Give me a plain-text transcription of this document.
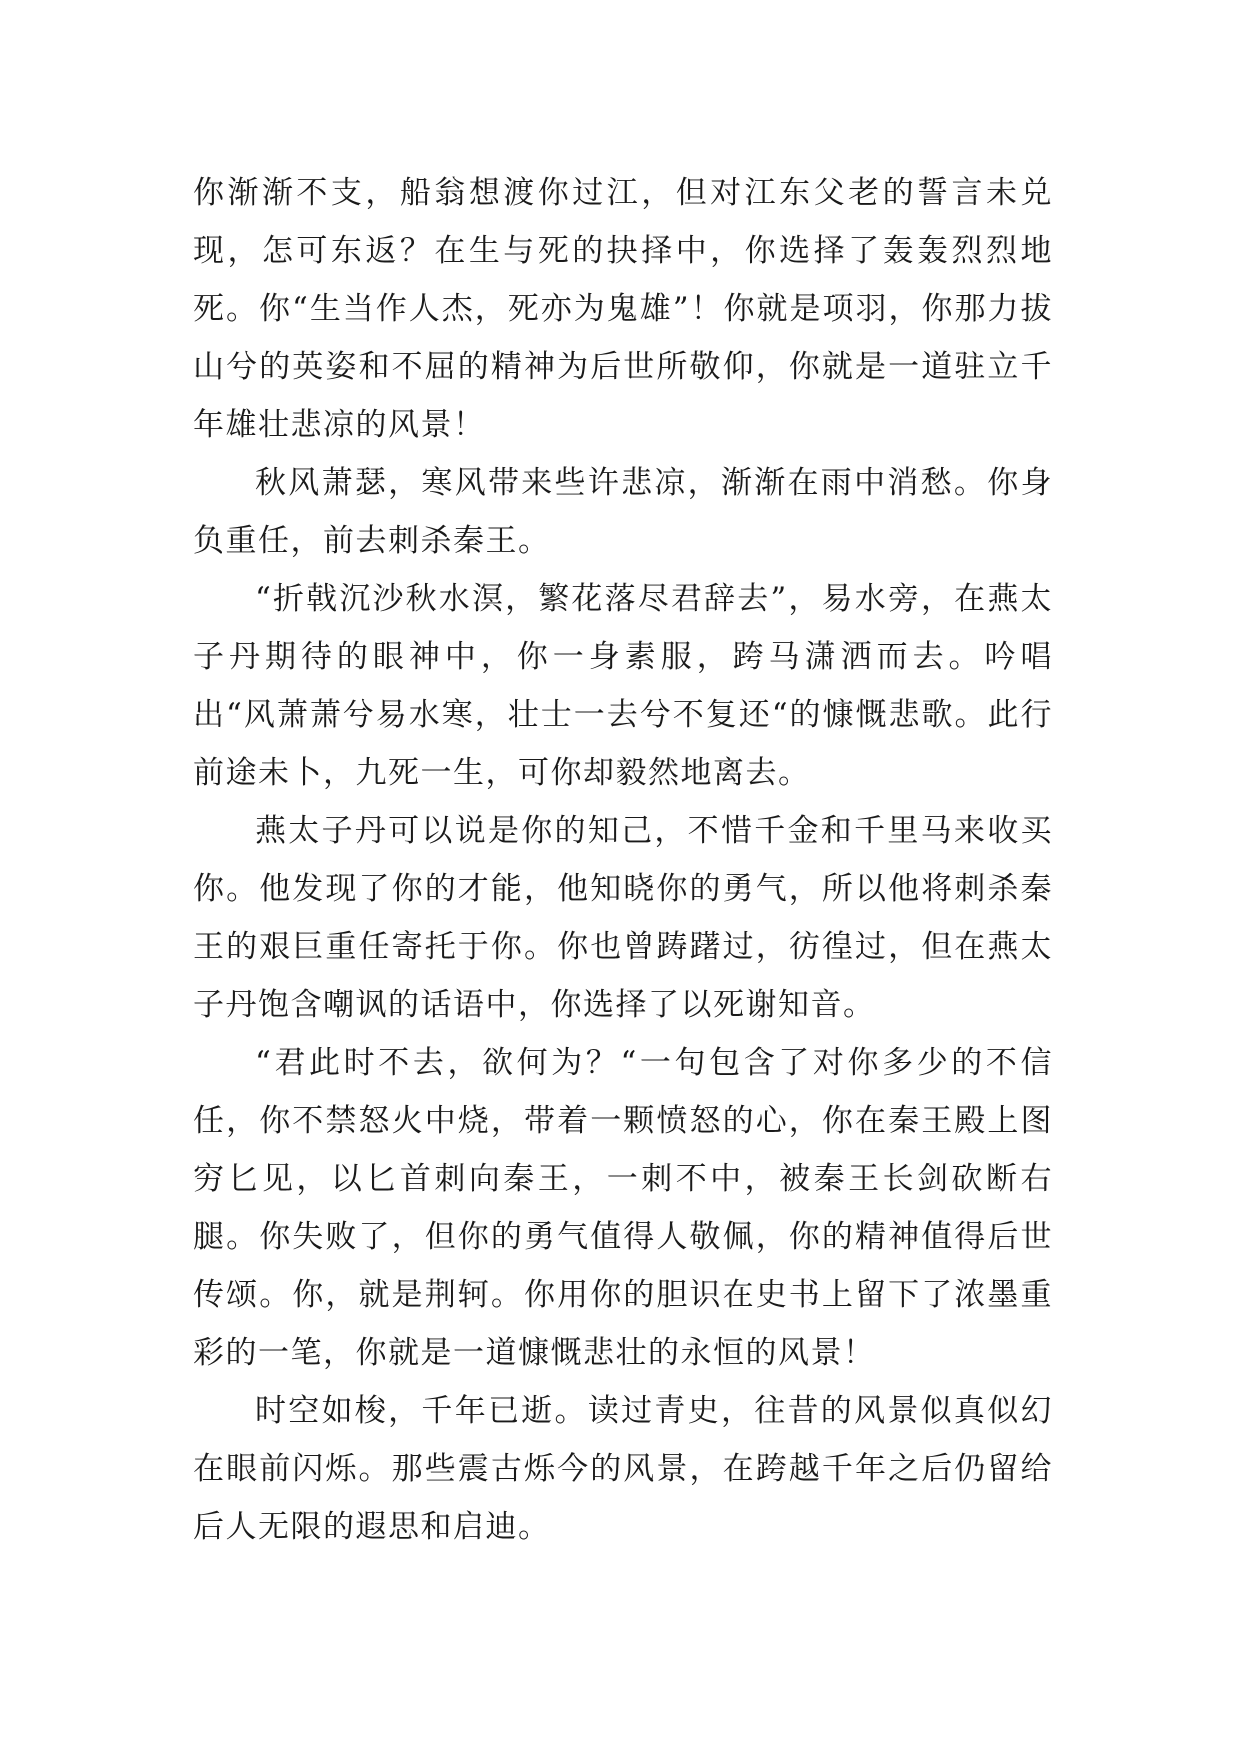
你渐渐不支，船翁想渡你过江，但对江东父老的誓言未兑现，怎可东返？在生与死的抉择中，你选择了轰轰烈烈地死。你“生当作人杰，死亦为鬼雄”！你就是项羽，你那力拔山兮的英姿和不屈的精神为后世所敬仰，你就是一道驻立千年雄壮悲凉的风景！

秋风萧瑟，寒风带来些许悲凉，渐渐在雨中消愁。你身负重任，前去刺杀秦王。

“折戟沉沙秋水溟，繁花落尽君辞去”，易水旁，在燕太子丹期待的眼神中，你一身素服，跨马潇洒而去。吟唱出“风萧萧兮易水寒，壮士一去兮不复还“的慷慨悲歌。此行前途未卜，九死一生，可你却毅然地离去。

燕太子丹可以说是你的知己，不惜千金和千里马来收买你。他发现了你的才能，他知晓你的勇气，所以他将刺杀秦王的艰巨重任寄托于你。你也曾踌躇过，彷徨过，但在燕太子丹饱含嘲讽的话语中，你选择了以死谢知音。

“君此时不去，欲何为？“一句包含了对你多少的不信任，你不禁怒火中烧，带着一颗愤怒的心，你在秦王殿上图穷匕见，以匕首刺向秦王，一刺不中，被秦王长剑砍断右腿。你失败了，但你的勇气值得人敬佩，你的精神值得后世传颂。你，就是荆轲。你用你的胆识在史书上留下了浓墨重彩的一笔，你就是一道慷慨悲壮的永恒的风景！

时空如梭，千年已逝。读过青史，往昔的风景似真似幻在眼前闪烁。那些震古烁今的风景，在跨越千年之后仍留给后人无限的遐思和启迪。
